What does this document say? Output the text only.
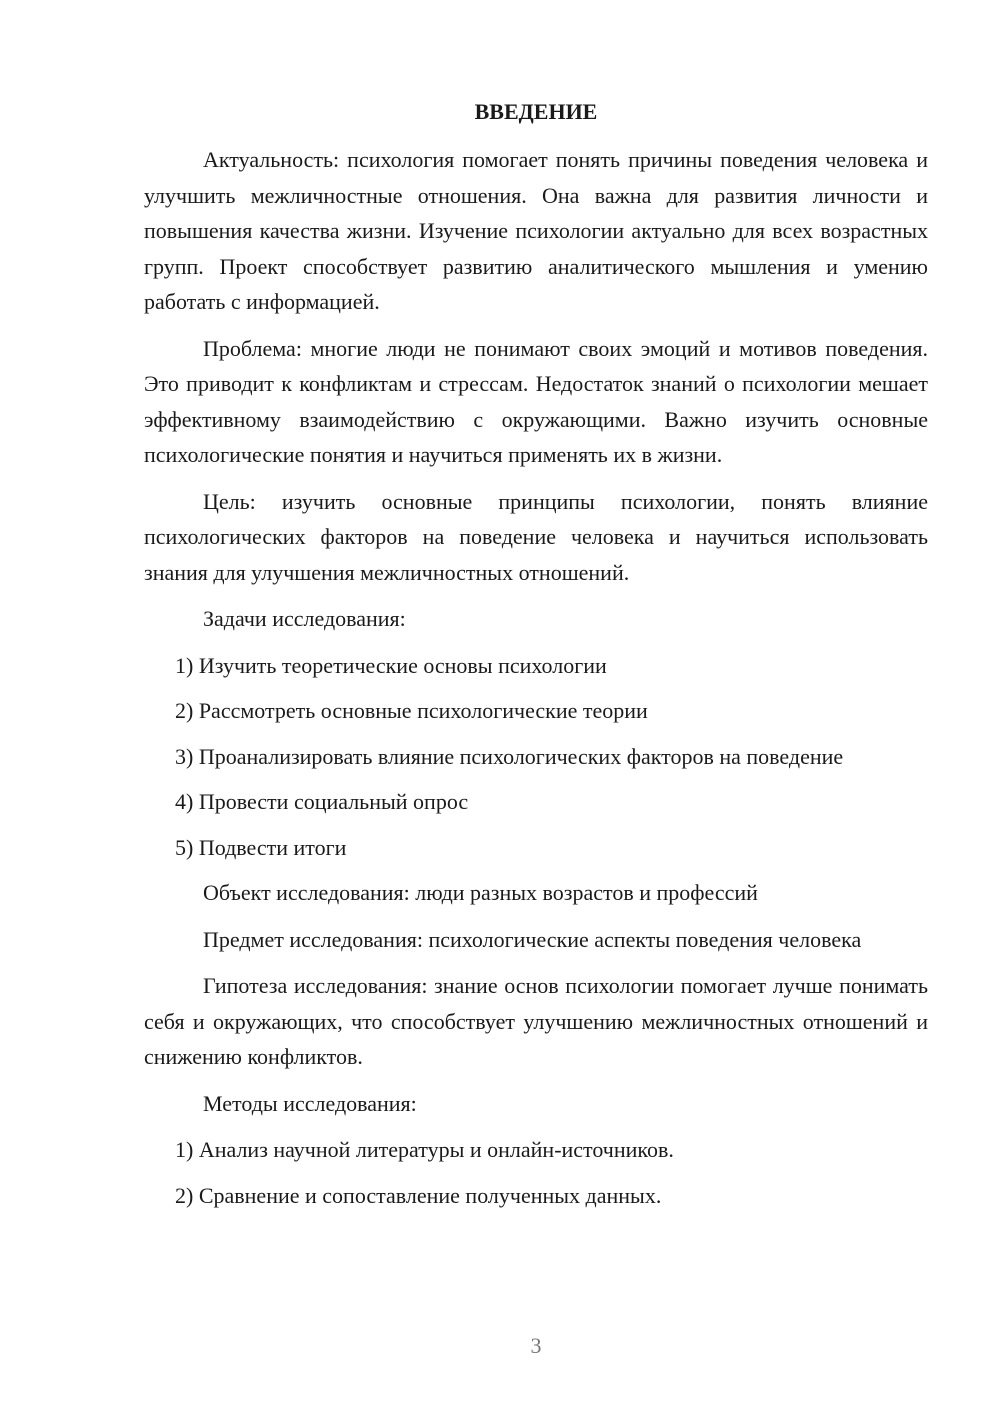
ВВЕДЕНИЕ

Актуальность: психология помогает понять причины поведения человека и улучшить межличностные отношения. Она важна для развития личности и повышения качества жизни. Изучение психологии актуально для всех возрастных групп. Проект способствует развитию аналитического мышления и умению работать с информацией.

Проблема: многие люди не понимают своих эмоций и мотивов поведения. Это приводит к конфликтам и стрессам. Недостаток знаний о психологии мешает эффективному взаимодействию с окружающими. Важно изучить основные психологические понятия и научиться применять их в жизни.

Цель: изучить основные принципы психологии, понять влияние психологических факторов на поведение человека и научиться использовать знания для улучшения межличностных отношений.

Задачи исследования:

1) Изучить теоретические основы психологии

2) Рассмотреть основные психологические теории

3) Проанализировать влияние психологических факторов на поведение

4) Провести социальный опрос

5) Подвести итоги

Объект исследования: люди разных возрастов и профессий

Предмет исследования: психологические аспекты поведения человека

Гипотеза исследования: знание основ психологии помогает лучше понимать себя и окружающих, что способствует улучшению межличностных отношений и снижению конфликтов.

Методы исследования:

1) Анализ научной литературы и онлайн-источников.

2) Сравнение и сопоставление полученных данных.

3
